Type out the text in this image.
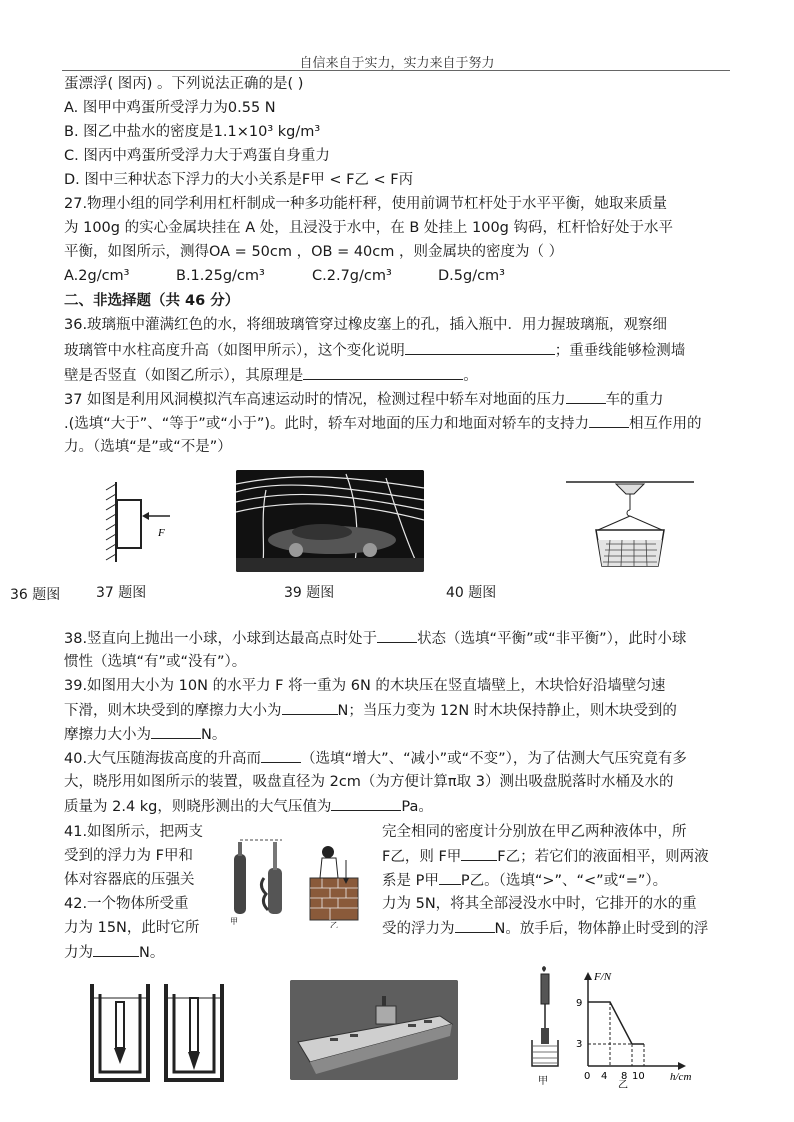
自信来自于实力，实力来自于努力
蛋漂浮( 图丙) 。下列说法正确的是( )
A. 图甲中鸡蛋所受浮力为0.55 N
B. 图乙中盐水的密度是1.1×10³ kg/m³
C. 图丙中鸡蛋所受浮力大于鸡蛋自身重力
D. 图中三种状态下浮力的大小关系是F甲 < F乙 < F丙
27.物理小组的同学利用杠杆制成一种多功能杆秤，使用前调节杠杆处于水平平衡，她取来质量
为 100g 的实心金属块挂在 A 处，且浸没于水中，在 B 处挂上 100g 钩码，杠杆恰好处于水平
平衡，如图所示，测得OA = 50cm ，OB = 40cm ，则金属块的密度为（ ）
A.2g/cm³	B.1.25g/cm³	C.2.7g/cm³	D.5g/cm³
二、非选择题（共 46 分）
36.玻璃瓶中灌满红色的水，将细玻璃管穿过橡皮塞上的孔，插入瓶中．用力握玻璃瓶，观察细
玻璃管中水柱高度升高（如图甲所示），这个变化说明	；重垂线能够检测墙
壁是否竖直（如图乙所示），其原理是	。
37 如图是利用风洞模拟汽车高速运动时的情况，检测过程中轿车对地面的压力	车的重力
.(选填“大于”、“等于”或“小于”)。此时，轿车对地面的压力和地面对轿车的支持力	相互作用的
力。（选填“是”或“不是”）
F
36 题图	37 题图	39 题图	40 题图
38.竖直向上抛出一小球，小球到达最高点时处于	状态（选填“平衡”或“非平衡”），此时小球
惯性（选填“有”或“没有”）。
39.如图用大小为 10N 的水平力 F 将一重为 6N 的木块压在竖直墙壁上，木块恰好沿墙壁匀速
下滑，则木块受到的摩擦力大小为	N；当压力变为 12N 时木块保持静止，则木块受到的
摩擦力大小为	N。
40.大气压随海拔高度的升高而	（选填“增大”、“减小”或“不变”），为了估测大气压究竟有多
大，晓彤用如图所示的装置，吸盘直径为 2cm（为方便计算π取 3）测出吸盘脱落时水桶及水的
质量为 2.4 kg，则晓彤测出的大气压值为	Pa。
41.如图所示，把两支
受到的浮力为 F甲和
体对容器底的压强关
42.一个物体所受重
力为 15N，此时它所
力为	N。
完全相同的密度计分别放在甲乙两种液体中，所
F乙，则 F甲 F乙；若它们的液面相平，则两液
系是 P甲 P乙。（选填“>”、“<”或“=”）。
力为 5N，将其全部浸没水中时，它排开的水的重
受的浮力为	N。放手后，物体静止时受到的浮
甲	乙
甲
F/N
h/cm
9
3
0 4 8 10
乙
